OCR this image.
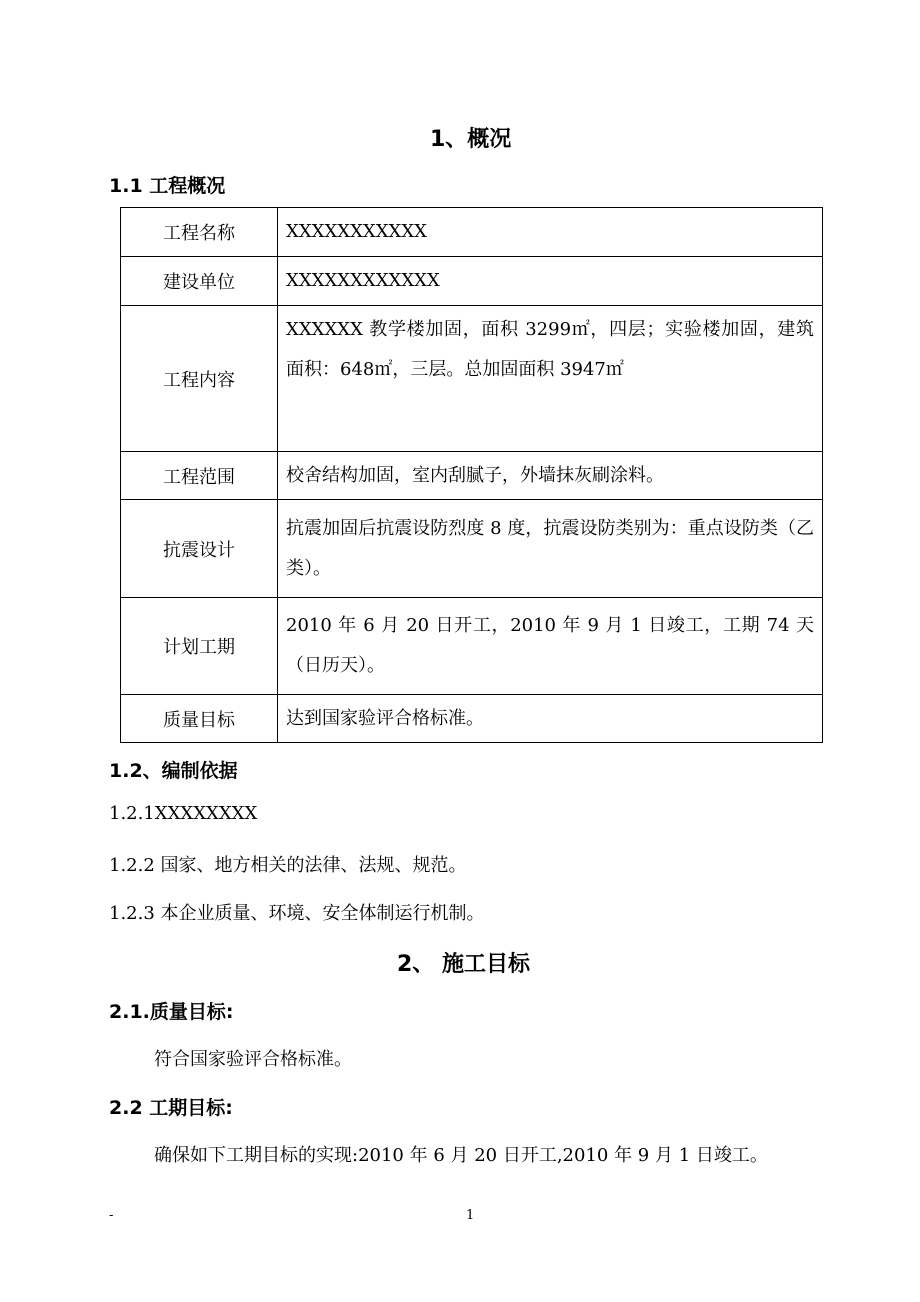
1、概况
1.1 工程概况
工程名称	XXXXXXXXXXX
建设单位	XXXXXXXXXXXX
工程内容	XXXXXX 教学楼加固，面积 3299㎡，四层；实验楼加固，建筑面积：648㎡，三层。总加固面积 3947㎡
工程范围	校舍结构加固，室内刮腻子，外墙抹灰刷涂料。
抗震设计	抗震加固后抗震设防烈度 8 度，抗震设防类别为：重点设防类（乙类）。
计划工期	2010 年 6 月 20 日开工，2010 年 9 月 1 日竣工，工期 74 天（日历天）。
质量目标	达到国家验评合格标准。
1.2、编制依据
1.2.1XXXXXXXX
1.2.2 国家、地方相关的法律、法规、规范。
1.2.3 本企业质量、环境、安全体制运行机制。
2、 施工目标
2.1.质量目标:
符合国家验评合格标准。
2.2 工期目标:
确保如下工期目标的实现:2010 年 6 月 20 日开工,2010 年 9 月 1 日竣工。
-	1
